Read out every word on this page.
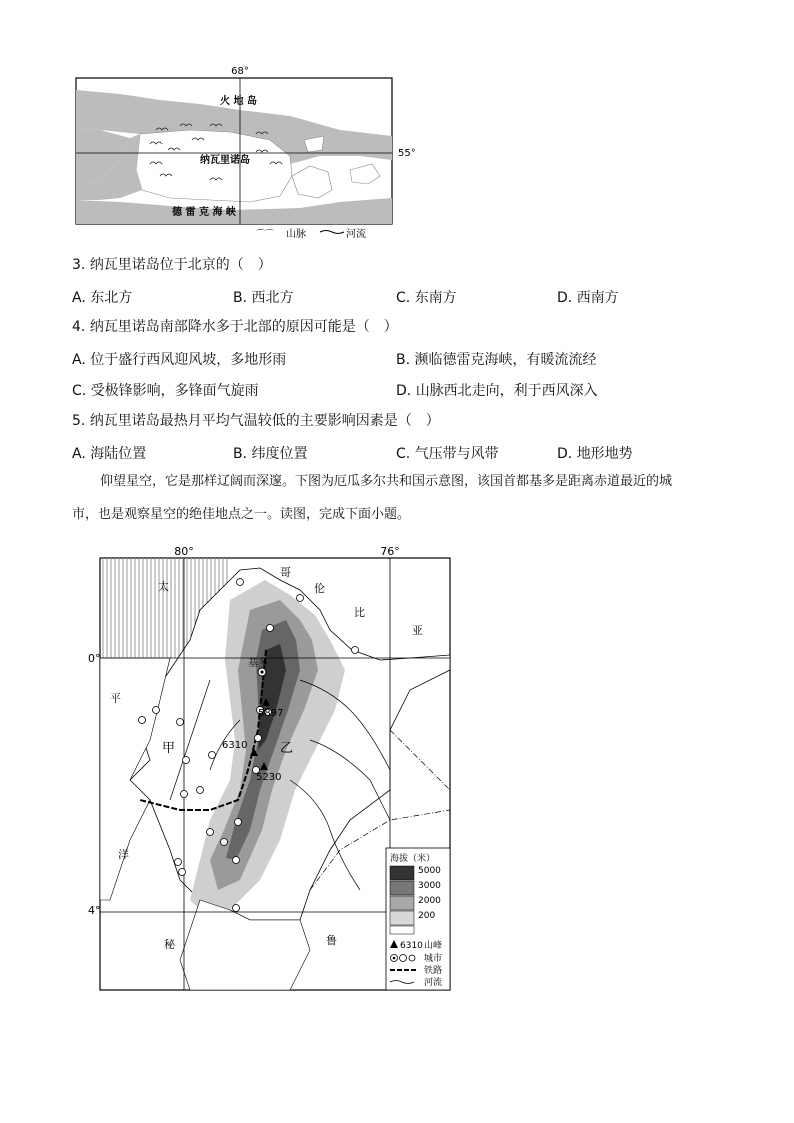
68°
火 地 岛
纳瓦里诺岛
德 雷 克 海 峡
55°
⌒⌒ 山脉	河流
3. 纳瓦里诺岛位于北京的（　）
A. 东北方	B. 西北方	C. 东南方	D. 西南方
4. 纳瓦里诺岛南部降水多于北部的原因可能是（　）
A. 位于盛行西风迎风坡，多地形雨	B. 濒临德雷克海峡，有暖流流经
C. 受极锋影响，多锋面气旋雨	D. 山脉西北走向，利于西风深入
5. 纳瓦里诺岛最热月平均气温较低的主要影响因素是（　）
A. 海陆位置	B. 纬度位置	C. 气压带与风带	D. 地形地势
仰望星空，它是那样辽阔而深邃。下图为厄瓜多尔共和国示意图，该国首都基多是距离赤道最近的城
市，也是观察星空的绝佳地点之一。读图，完成下面小题。
80°	76°
0°
4°
太
平
洋
哥
伦
比
亚
秘	鲁
甲	乙
基多
5897
6310
5230
海拔（米）
5000
3000
2000
200
6310 山峰
城市
铁路
河流
